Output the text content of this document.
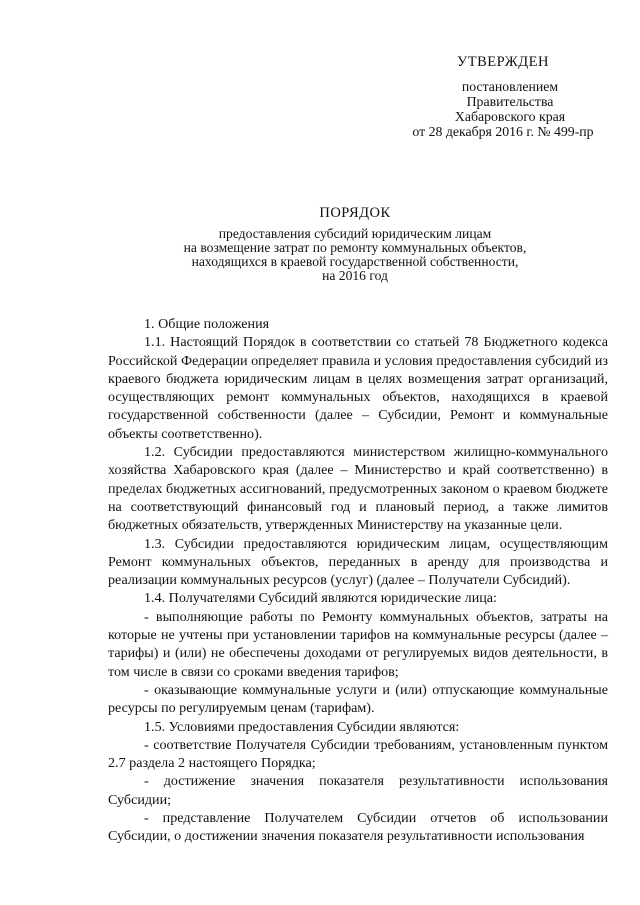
УТВЕРЖДЕН
постановлением
Правительства
Хабаровского края
от 28 декабря 2016 г. № 499-пр
ПОРЯДОК
предоставления субсидий юридическим лицам
на возмещение затрат по ремонту коммунальных объектов,
находящихся в краевой государственной собственности,
на 2016 год
1. Общие положения

1.1. Настоящий Порядок в соответствии со статьей 78 Бюджетного кодекса Российской Федерации определяет правила и условия предоставления субсидий из краевого бюджета юридическим лицам в целях возмещения затрат организаций, осуществляющих ремонт коммунальных объектов, находящихся в краевой государственной собственности (далее – Субсидии, Ремонт и коммунальные объекты соответственно).

1.2. Субсидии предоставляются министерством жилищно-коммунального хозяйства Хабаровского края (далее – Министерство и край соответственно) в пределах бюджетных ассигнований, предусмотренных законом о краевом бюджете на соответствующий финансовый год и плановый период, а также лимитов бюджетных обязательств, утвержденных Министерству на указанные цели.

1.3. Субсидии предоставляются юридическим лицам, осуществляющим Ремонт коммунальных объектов, переданных в аренду для производства и реализации коммунальных ресурсов (услуг) (далее – Получатели Субсидий).

1.4. Получателями Субсидий являются юридические лица:

- выполняющие работы по Ремонту коммунальных объектов, затраты на которые не учтены при установлении тарифов на коммунальные ресурсы (далее – тарифы) и (или) не обеспечены доходами от регулируемых видов деятельности, в том числе в связи со сроками введения тарифов;

- оказывающие коммунальные услуги и (или) отпускающие коммунальные ресурсы по регулируемым ценам (тарифам).

1.5. Условиями предоставления Субсидии являются:

- соответствие Получателя Субсидии требованиям, установленным пунктом 2.7 раздела 2 настоящего Порядка;

- достижение значения показателя результативности использования Субсидии;

- представление Получателем Субсидии отчетов об использовании Субсидии, о достижении значения показателя результативности использования
